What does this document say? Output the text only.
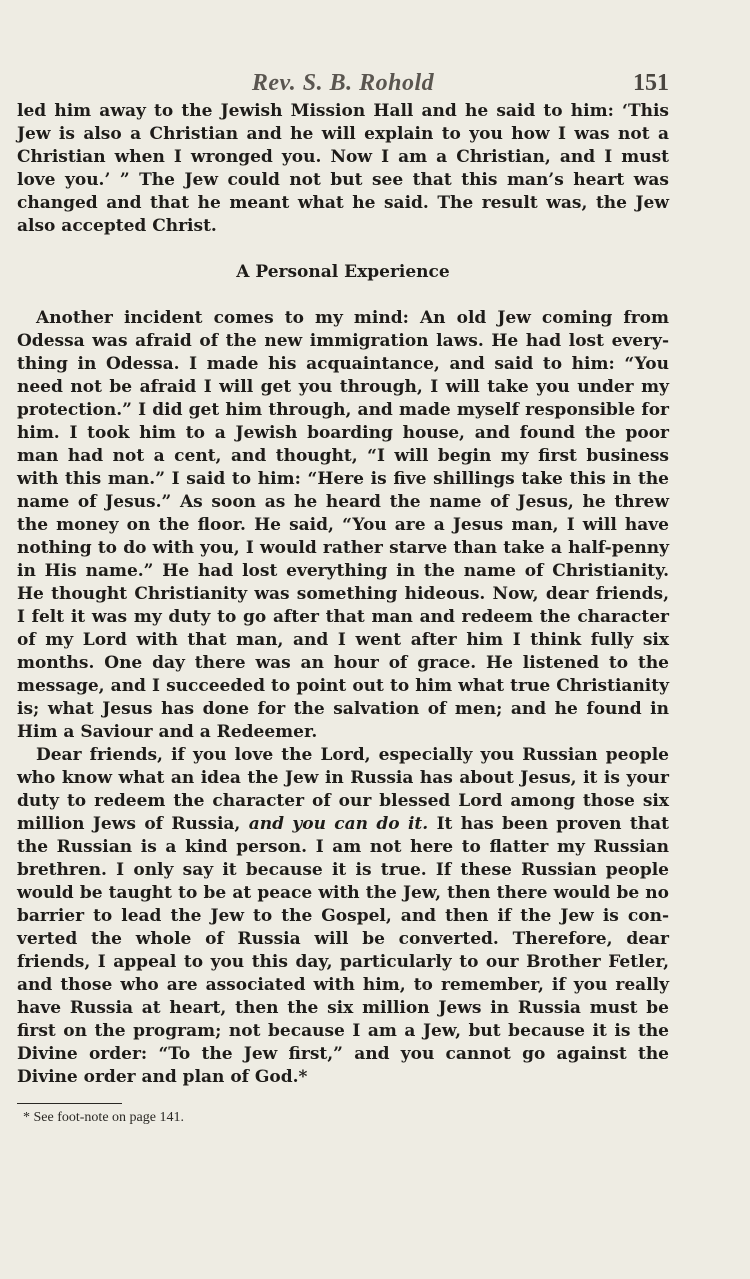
Rev. S. B. Rohold	151

led him away to the Jewish Mission Hall and he said to him: ‘This Jew is also a Christian and he will explain to you how I was not a Christian when I wronged you. Now I am a Christian, and I must love you.’ ” The Jew could not but see that this man’s heart was changed and that he meant what he said. The result was, the Jew also accepted Christ.

A Personal Experience

Another incident comes to my mind: An old Jew coming from Odessa was afraid of the new immigration laws. He had lost everything in Odessa. I made his acquaintance, and said to him: “You need not be afraid I will get you through, I will take you under my protection.” I did get him through, and made myself responsible for him. I took him to a Jewish boarding house, and found the poor man had not a cent, and thought, “I will begin my first business with this man.” I said to him: “Here is five shillings take this in the name of Jesus.” As soon as he heard the name of Jesus, he threw the money on the floor. He said, “You are a Jesus man, I will have nothing to do with you, I would rather starve than take a half-penny in His name.” He had lost everything in the name of Christianity. He thought Christianity was something hideous. Now, dear friends, I felt it was my duty to go after that man and redeem the character of my Lord with that man, and I went after him I think fully six months. One day there was an hour of grace. He listened to the message, and I succeeded to point out to him what true Christianity is; what Jesus has done for the salvation of men; and he found in Him a Saviour and a Redeemer.

Dear friends, if you love the Lord, especially you Russian people who know what an idea the Jew in Russia has about Jesus, it is your duty to redeem the character of our blessed Lord among those six million Jews of Russia, and you can do it. It has been proven that the Russian is a kind person. I am not here to flatter my Russian brethren. I only say it because it is true. If these Russian people would be taught to be at peace with the Jew, then there would be no barrier to lead the Jew to the Gospel, and then if the Jew is converted the whole of Russia will be converted. Therefore, dear friends, I appeal to you this day, particularly to our Brother Fetler, and those who are associated with him, to remember, if you really have Russia at heart, then the six million Jews in Russia must be first on the program; not because I am a Jew, but because it is the Divine order: “To the Jew first,” and you cannot go against the Divine order and plan of God.*

* See foot-note on page 141.
